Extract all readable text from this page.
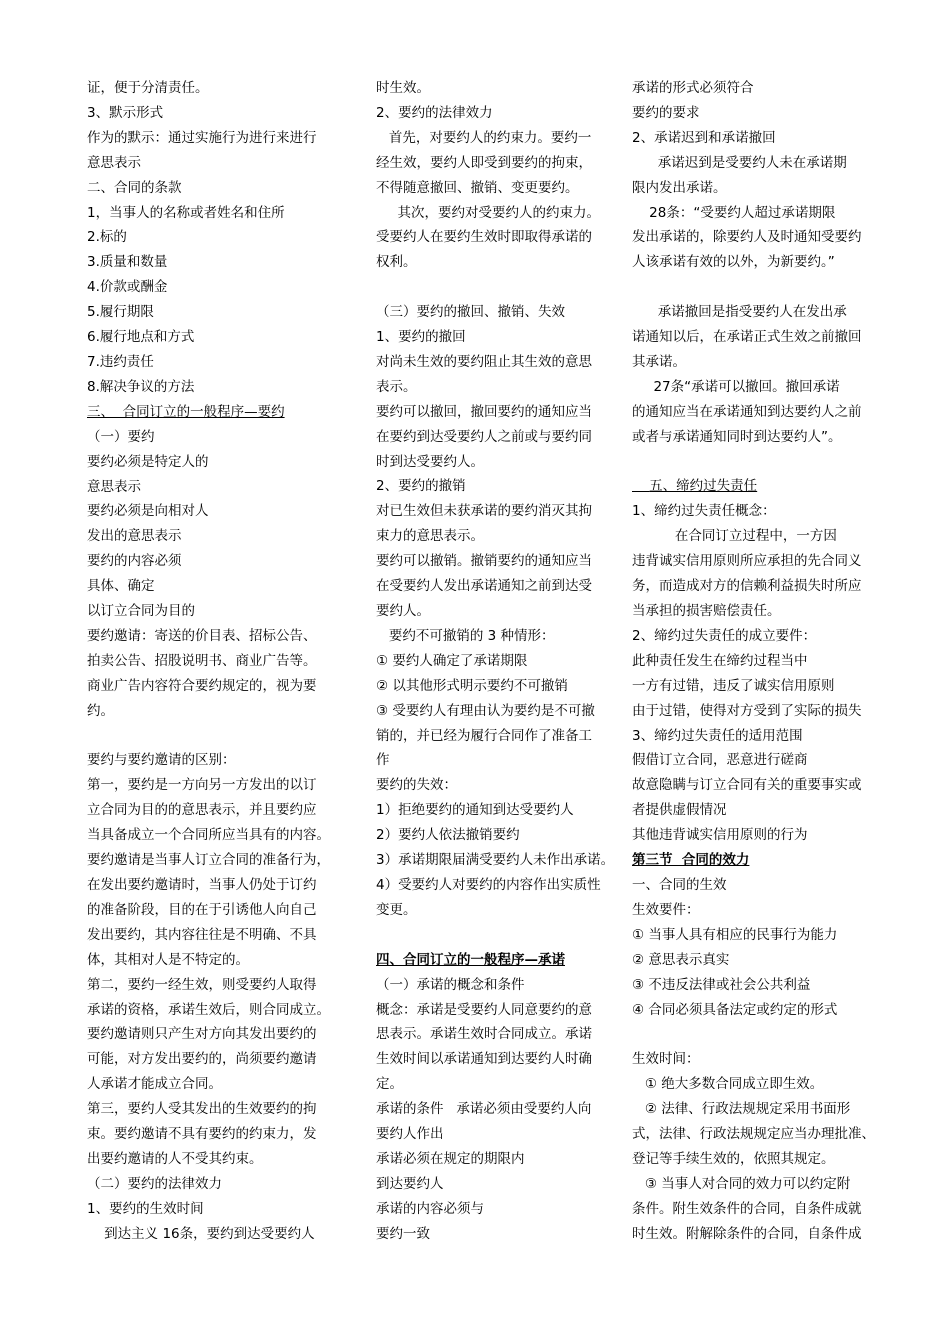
证，便于分清责任。
3、默示形式
作为的默示：通过实施行为进行来进行
意思表示
二、合同的条款
1，当事人的名称或者姓名和住所
2.标的
3.质量和数量
4.价款或酬金
5.履行期限
6.履行地点和方式
7.违约责任
8.解决争议的方法
三、  合同订立的一般程序—要约
（一）要约
要约必须是特定人的
意思表示
要约必须是向相对人
发出的意思表示
要约的内容必须
具体、确定
以订立合同为目的
要约邀请：寄送的价目表、招标公告、
拍卖公告、招股说明书、商业广告等。
商业广告内容符合要约规定的，视为要
约。
要约与要约邀请的区别：
第一，要约是一方向另一方发出的以订
立合同为目的的意思表示，并且要约应
当具备成立一个合同所应当具有的内容。
要约邀请是当事人订立合同的准备行为，
在发出要约邀请时，当事人仍处于订约
的准备阶段，目的在于引诱他人向自己
发出要约，其内容往往是不明确、不具
体，其相对人是不特定的。
第二，要约一经生效，则受要约人取得
承诺的资格，承诺生效后，则合同成立。
要约邀请则只产生对方向其发出要约的
可能，对方发出要约的，尚须要约邀请
人承诺才能成立合同。
第三，要约人受其发出的生效要约的拘
束。要约邀请不具有要约的约束力，发
出要约邀请的人不受其约束。
（二）要约的法律效力
1、要约的生效时间
到达主义 16条，要约到达受要约人
时生效。
2、要约的法律效力
首先，对要约人的约束力。要约一
经生效，要约人即受到要约的拘束，
不得随意撤回、撤销、变更要约。
其次，要约对受要约人的约束力。
受要约人在要约生效时即取得承诺的
权利。
（三）要约的撤回、撤销、失效
1、要约的撤回
对尚未生效的要约阻止其生效的意思
表示。
要约可以撤回，撤回要约的通知应当
在要约到达受要约人之前或与要约同
时到达受要约人。
2、要约的撤销
对已生效但未获承诺的要约消灭其拘
束力的意思表示。
要约可以撤销。撤销要约的通知应当
在受要约人发出承诺通知之前到达受
要约人。
要约不可撤销的 3 种情形：
① 要约人确定了承诺期限
② 以其他形式明示要约不可撤销
③ 受要约人有理由认为要约是不可撤
销的，并已经为履行合同作了准备工
作
要约的失效：
1）拒绝要约的通知到达受要约人
2）要约人依法撤销要约
3）承诺期限届满受要约人未作出承诺。
4）受要约人对要约的内容作出实质性
变更。
四、合同订立的一般程序—承诺
（一）承诺的概念和条件
概念：承诺是受要约人同意要约的意
思表示。承诺生效时合同成立。承诺
生效时间以承诺通知到达要约人时确
定。
承诺的条件   承诺必须由受要约人向
要约人作出
承诺必须在规定的期限内
到达要约人
承诺的内容必须与
要约一致
承诺的形式必须符合
要约的要求
2、承诺迟到和承诺撤回
承诺迟到是受要约人未在承诺期
限内发出承诺。
28条：“受要约人超过承诺期限
发出承诺的，除要约人及时通知受要约
人该承诺有效的以外，为新要约。”
承诺撤回是指受要约人在发出承
诺通知以后，在承诺正式生效之前撤回
其承诺。
27条“承诺可以撤回。撤回承诺
的通知应当在承诺通知到达要约人之前
或者与承诺通知同时到达要约人”。
五、缔约过失责任
1、缔约过失责任概念：
在合同订立过程中，一方因
违背诚实信用原则所应承担的先合同义
务，而造成对方的信赖利益损失时所应
当承担的损害赔偿责任。
2、缔约过失责任的成立要件：
此种责任发生在缔约过程当中
一方有过错，违反了诚实信用原则
由于过错，使得对方受到了实际的损失
3、缔约过失责任的适用范围
假借订立合同，恶意进行磋商
故意隐瞒与订立合同有关的重要事实或
者提供虚假情况
其他违背诚实信用原则的行为
第三节  合同的效力
一、合同的生效
生效要件：
① 当事人具有相应的民事行为能力
② 意思表示真实
③ 不违反法律或社会公共利益
④ 合同必须具备法定或约定的形式
生效时间：
① 绝大多数合同成立即生效。
② 法律、行政法规规定采用书面形
式，法律、行政法规规定应当办理批准、
登记等手续生效的，依照其规定。
③ 当事人对合同的效力可以约定附
条件。附生效条件的合同，自条件成就
时生效。附解除条件的合同，自条件成
